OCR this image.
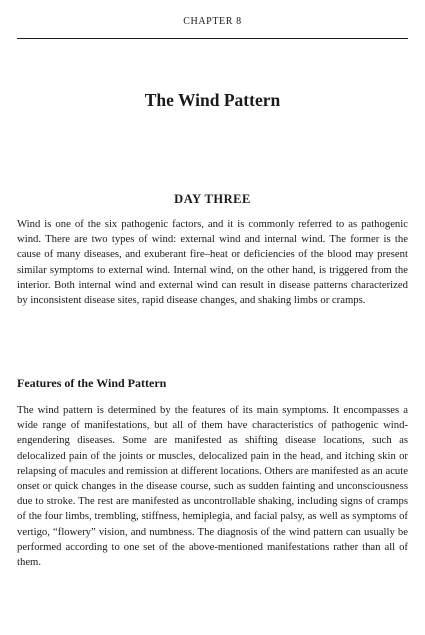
CHAPTER 8
The Wind Pattern
DAY THREE

Wind is one of the six pathogenic factors, and it is commonly referred to as pathogenic wind. There are two types of wind: external wind and internal wind. The former is the cause of many diseases, and exuberant fire–heat or deficiencies of the blood may present similar symptoms to external wind. Internal wind, on the other hand, is triggered from the interior. Both internal wind and external wind can result in disease patterns characterized by inconsistent disease sites, rapid disease changes, and shaking limbs or cramps.

Features of the Wind Pattern

The wind pattern is determined by the features of its main symptoms. It encompasses a wide range of manifestations, but all of them have characteristics of pathogenic wind-engendering diseases. Some are manifested as shifting disease locations, such as delocalized pain of the joints or muscles, delocalized pain in the head, and itching skin or relapsing of macules and remission at different locations. Others are manifested as an acute onset or quick changes in the disease course, such as sudden fainting and unconsciousness due to stroke. The rest are manifested as uncontrollable shaking, including signs of cramps of the four limbs, trembling, stiffness, hemiplegia, and facial palsy, as well as symptoms of vertigo, “flowery” vision, and numbness. The diagnosis of the wind pattern can usually be performed according to one set of the above-mentioned manifestations rather than all of them.
